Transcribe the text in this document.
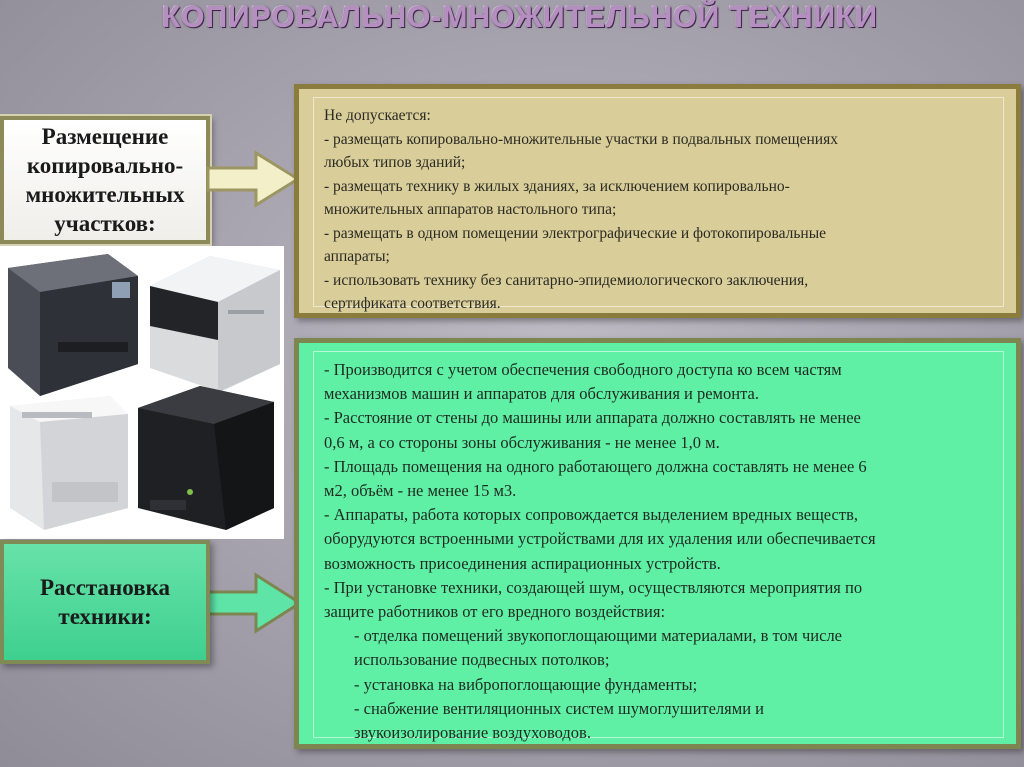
КОПИРОВАЛЬНО-МНОЖИТЕЛЬНОЙ ТЕХНИКИ
Размещение копировально-множительных участков:
Не допускается:
- размещать копировально-множительные участки в подвальных помещениях
любых типов зданий;
- размещать технику в жилых зданиях, за исключением копировально-
множительных аппаратов настольного типа;
- размещать в одном помещении электрографические и фотокопировальные
аппараты;
- использовать технику без санитарно-эпидемиологического заключения,
сертификата соответствия.
Расстановка техники:
- Производится с учетом обеспечения свободного доступа ко всем частям
механизмов машин и аппаратов для обслуживания и ремонта.
- Расстояние от стены до машины или аппарата должно составлять не менее
0,6 м, а со стороны зоны обслуживания - не менее 1,0 м.
- Площадь помещения на одного работающего должна составлять не менее 6
м2, объём - не менее 15 м3.
- Аппараты, работа которых сопровождается выделением вредных веществ,
оборудуются встроенными устройствами для их удаления или обеспечивается
возможность присоединения аспирационных устройств.
- При установке техники, создающей шум, осуществляются мероприятия по
защите работников от его вредного воздействия:
- отделка помещений звукопоглощающими материалами, в том числе
использование подвесных потолков;
- установка на вибропоглощающие фундаменты;
- снабжение вентиляционных систем шумоглушителями и
звукоизолирование воздуховодов.
